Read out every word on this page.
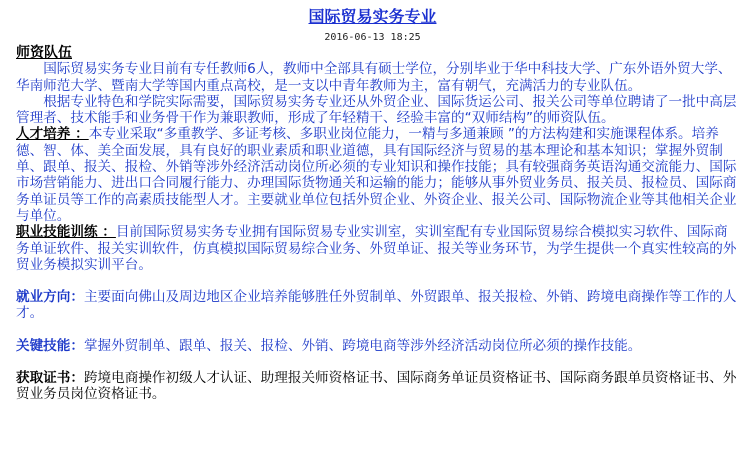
国际贸易实务专业
2016-06-13 18:25
师资队伍
国际贸易实务专业目前有专任教师6人，教师中全部具有硕士学位，分别毕业于华中科技大学、广东外语外贸大学、华南师范大学、暨南大学等国内重点高校，是一支以中青年教师为主，富有朝气，充满活力的专业队伍。
根据专业特色和学院实际需要，国际贸易实务专业还从外贸企业、国际货运公司、报关公司等单位聘请了一批中高层管理者、技术能手和业务骨干作为兼职教师，形成了年轻精干、经验丰富的“双师结构”的师资队伍。
人才培养 ：本专业采取“多重教学、多证考核、多职业岗位能力，一精与多通兼顾 ”的方法构建和实施课程体系。培养德、智、体、美全面发展，具有良好的职业素质和职业道德，具有国际经济与贸易的基本理论和基本知识；掌握外贸制单、跟单、报关、报检、外销等涉外经济活动岗位所必须的专业知识和操作技能；具有较强商务英语沟通交流能力、国际市场营销能力、进出口合同履行能力、办理国际货物通关和运输的能力；能够从事外贸业务员、报关员、报检员、国际商务单证员等工作的高素质技能型人才。主要就业单位包括外贸企业、外资企业、报关公司、国际物流企业等其他相关企业与单位。
职业技能训练 ：目前国际贸易实务专业拥有国际贸易专业实训室，实训室配有专业国际贸易综合模拟实习软件、国际商务单证软件、报关实训软件，仿真模拟国际贸易综合业务、外贸单证、报关等业务环节，为学生提供一个真实性较高的外贸业务模拟实训平台。
就业方向：主要面向佛山及周边地区企业培养能够胜任外贸制单、外贸跟单、报关报检、外销、跨境电商操作等工作的人才。
关键技能：掌握外贸制单、跟单、报关、报检、外销、跨境电商等涉外经济活动岗位所必须的操作技能。
获取证书：跨境电商操作初级人才认证、助理报关师资格证书、国际商务单证员资格证书、国际商务跟单员资格证书、外贸业务员岗位资格证书。
